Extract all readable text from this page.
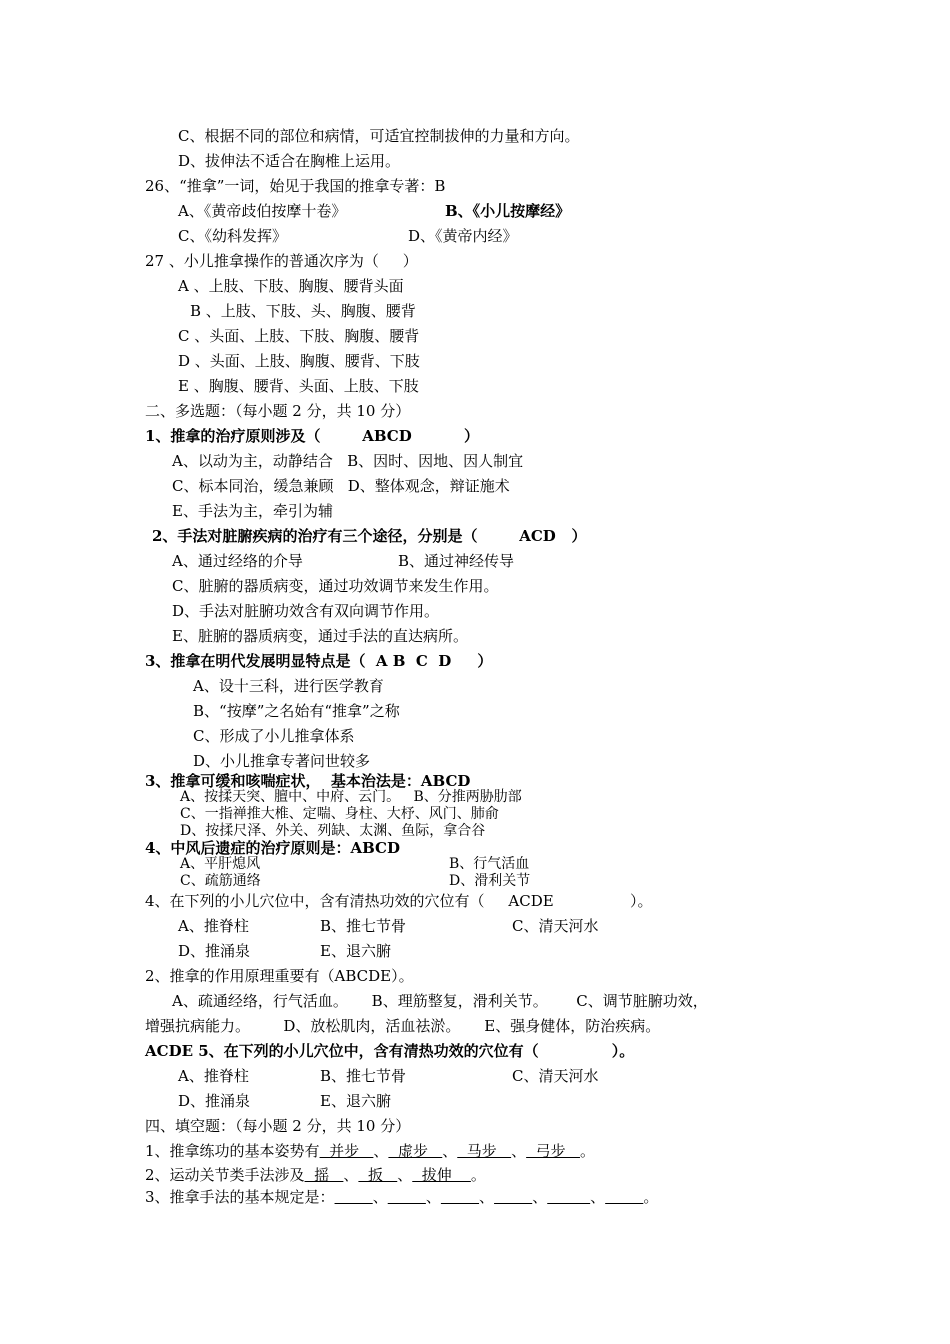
C、根据不同的部位和病情，可适宜控制拔伸的力量和方向。
D、拔伸法不适合在胸椎上运用。
26、“推拿”一词，始见于我国的推拿专著：B
A、《黄帝歧伯按摩十卷》	B、《小儿按摩经》
C、《幼科发挥》	D、《黄帝内经》
27 、小儿推拿操作的普通次序为（     ）
A 、上肢、下肢、胸腹、腰背头面
B 、上肢、下肢、头、胸腹、腰背
C 、头面、上肢、下肢、胸腹、腰背
D 、头面、上肢、胸腹、腰背、下肢
E 、胸腹、腰背、头面、上肢、下肢
二、多选题：（每小题 2 分，共 10 分）
1、推拿的治疗原则涉及（        ABCD          ）
A、以动为主，动静结合   B、因时、因地、因人制宜
C、标本同治，缓急兼顾   D、整体观念，辩证施术
E、手法为主，牵引为辅
2、手法对脏腑疾病的治疗有三个途径，分别是（        ACD   ）
A、通过经络的介导	B、通过神经传导
C、脏腑的器质病变，通过功效调节来发生作用。
D、手法对脏腑功效含有双向调节作用。
E、脏腑的器质病变，通过手法的直达病所。
3、推拿在明代发展明显特点是（  A B  C  D     ）
A、设十三科，进行医学教育
B、“按摩”之名始有“推拿”之称
C、形成了小儿推拿体系
D、小儿推拿专著问世较多
3、推拿可缓和咳喘症状，  基本治法是：ABCD
A、按揉天突、膻中、中府、云门。   B、分推两胁肋部
C、一指禅推大椎、定喘、身柱、大杼、风门、肺俞
D、按揉尺泽、外关、列缺、太渊、鱼际，拿合谷
4、中风后遗症的治疗原则是：ABCD
A、平肝熄风	B、行气活血
C、疏筋通络	D、滑利关节
4、在下列的小儿穴位中，含有清热功效的穴位有（     ACDE                ）。
A、推脊柱	B、推七节骨	C、清天河水
D、推涌泉	E、退六腑
2、推拿的作用原理重要有（ABCDE）。
A、疏通经络，行气活血。     B、理筋整复，滑利关节。      C、调节脏腑功效，
增强抗病能力。       D、放松肌肉，活血祛淤。     E、强身健体，防治疾病。
ACDE 5、在下列的小儿穴位中，含有清热功效的穴位有（              ）。
A、推脊柱	B、推七节骨	C、清天河水
D、推涌泉	E、退六腑
四、填空题：（每小题 2 分，共 10 分）
1、推拿练功的基本姿势有  并步   、  虚步   、  马步   、  弓步   。
2、运动关节类手法涉及  摇   、  扳   、  拔伸    。
3、推拿手法的基本规定是：	、	、	、	、	、	。
